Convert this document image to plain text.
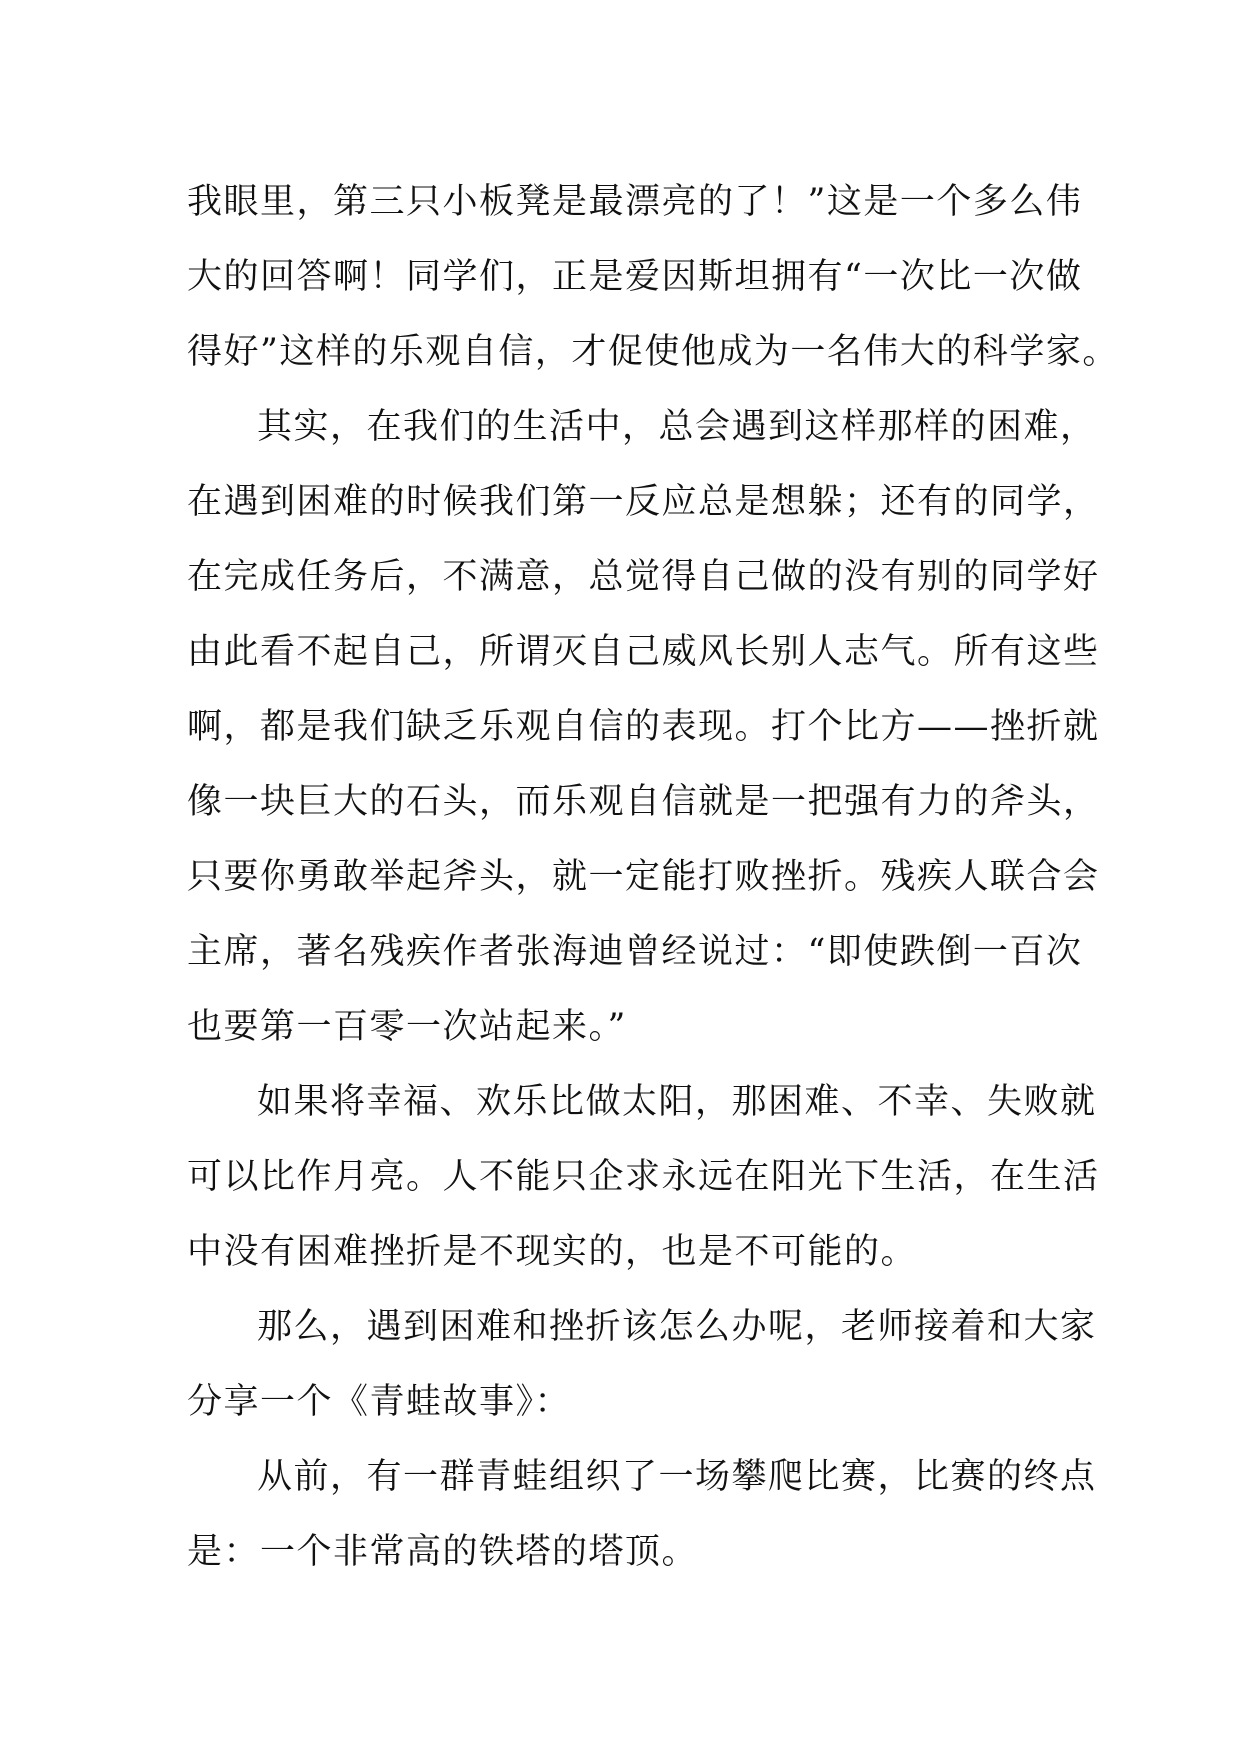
我眼里，第三只小板凳是最漂亮的了！”这是一个多么伟
大的回答啊！同学们，正是爱因斯坦拥有“一次比一次做
得好”这样的乐观自信，才促使他成为一名伟大的科学家。

其实，在我们的生活中，总会遇到这样那样的困难，
在遇到困难的时候我们第一反应总是想躲；还有的同学，
在完成任务后，不满意，总觉得自己做的没有别的同学好
由此看不起自己，所谓灭自己威风长别人志气。所有这些
啊，都是我们缺乏乐观自信的表现。打个比方——挫折就
像一块巨大的石头，而乐观自信就是一把强有力的斧头，
只要你勇敢举起斧头，就一定能打败挫折。残疾人联合会
主席，著名残疾作者张海迪曾经说过：“即使跌倒一百次
也要第一百零一次站起来。”

如果将幸福、欢乐比做太阳，那困难、不幸、失败就
可以比作月亮。人不能只企求永远在阳光下生活，在生活
中没有困难挫折是不现实的，也是不可能的。

那么，遇到困难和挫折该怎么办呢，老师接着和大家
分享一个《青蛙故事》：

从前，有一群青蛙组织了一场攀爬比赛，比赛的终点
是：一个非常高的铁塔的塔顶。
